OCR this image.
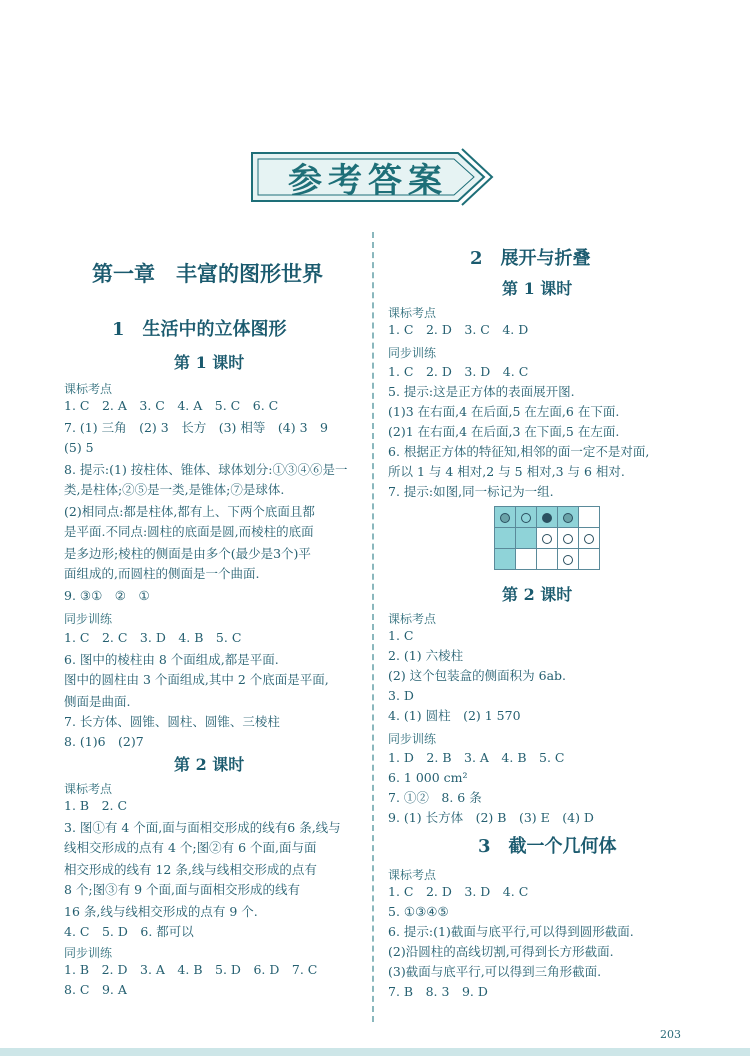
参考答案
第一章　丰富的图形世界
1　生活中的立体图形
第 1 课时
课标考点
1. C　2. A　3. C　4. A　5. C　6. C
7. (1) 三角　(2) 3　长方　(3) 相等　(4) 3　9
(5) 5
8. 提示:(1) 按柱体、锥体、球体划分:①③④⑥是一
类,是柱体;②⑤是一类,是锥体;⑦是球体.
(2)相同点:都是柱体,都有上、下两个底面且都
是平面.不同点:圆柱的底面是圆,而棱柱的底面
是多边形;棱柱的侧面是由多个(最少是3个)平
面组成的,而圆柱的侧面是一个曲面.
9. ③①　②　①
同步训练
1. C　2. C　3. D　4. B　5. C
6. 图中的棱柱由 8 个面组成,都是平面.
图中的圆柱由 3 个面组成,其中 2 个底面是平面,
侧面是曲面.
7. 长方体、圆锥、圆柱、圆锥、三棱柱
8. (1)6　(2)7
第 2 课时
课标考点
1. B　2. C
3. 图①有 4 个面,面与面相交形成的线有6 条,线与
线相交形成的点有 4 个;图②有 6 个面,面与面
相交形成的线有 12 条,线与线相交形成的点有
8 个;图③有 9 个面,面与面相交形成的线有
16 条,线与线相交形成的点有 9 个.
4. C　5. D　6. 都可以
同步训练
1. B　2. D　3. A　4. B　5. D　6. D　7. C
8. C　9. A
2　展开与折叠
第 1 课时
课标考点
1. C　2. D　3. C　4. D
同步训练
1. C　2. D　3. D　4. C
5. 提示:这是正方体的表面展开图.
(1)3 在右面,4 在后面,5 在左面,6 在下面.
(2)1 在右面,4 在后面,3 在下面,5 在左面.
6. 根据正方体的特征知,相邻的面一定不是对面,
所以 1 与 4 相对,2 与 5 相对,3 与 6 相对.
7. 提示:如图,同一标记为一组.

第 2 课时
课标考点
1. C
2. (1) 六棱柱
(2) 这个包装盒的侧面积为 6ab.
3. D
4. (1) 圆柱　(2) 1 570
同步训练
1. D　2. B　3. A　4. B　5. C
6. 1 000 cm²
7. ①②　8. 6 条
9. (1) 长方体　(2) B　(3) E　(4) D
3　截一个几何体
课标考点
1. C　2. D　3. D　4. C
5. ①③④⑤
6. 提示:(1)截面与底平行,可以得到圆形截面.
(2)沿圆柱的高线切割,可得到长方形截面.
(3)截面与底平行,可以得到三角形截面.
7. B　8. 3　9. D
203
